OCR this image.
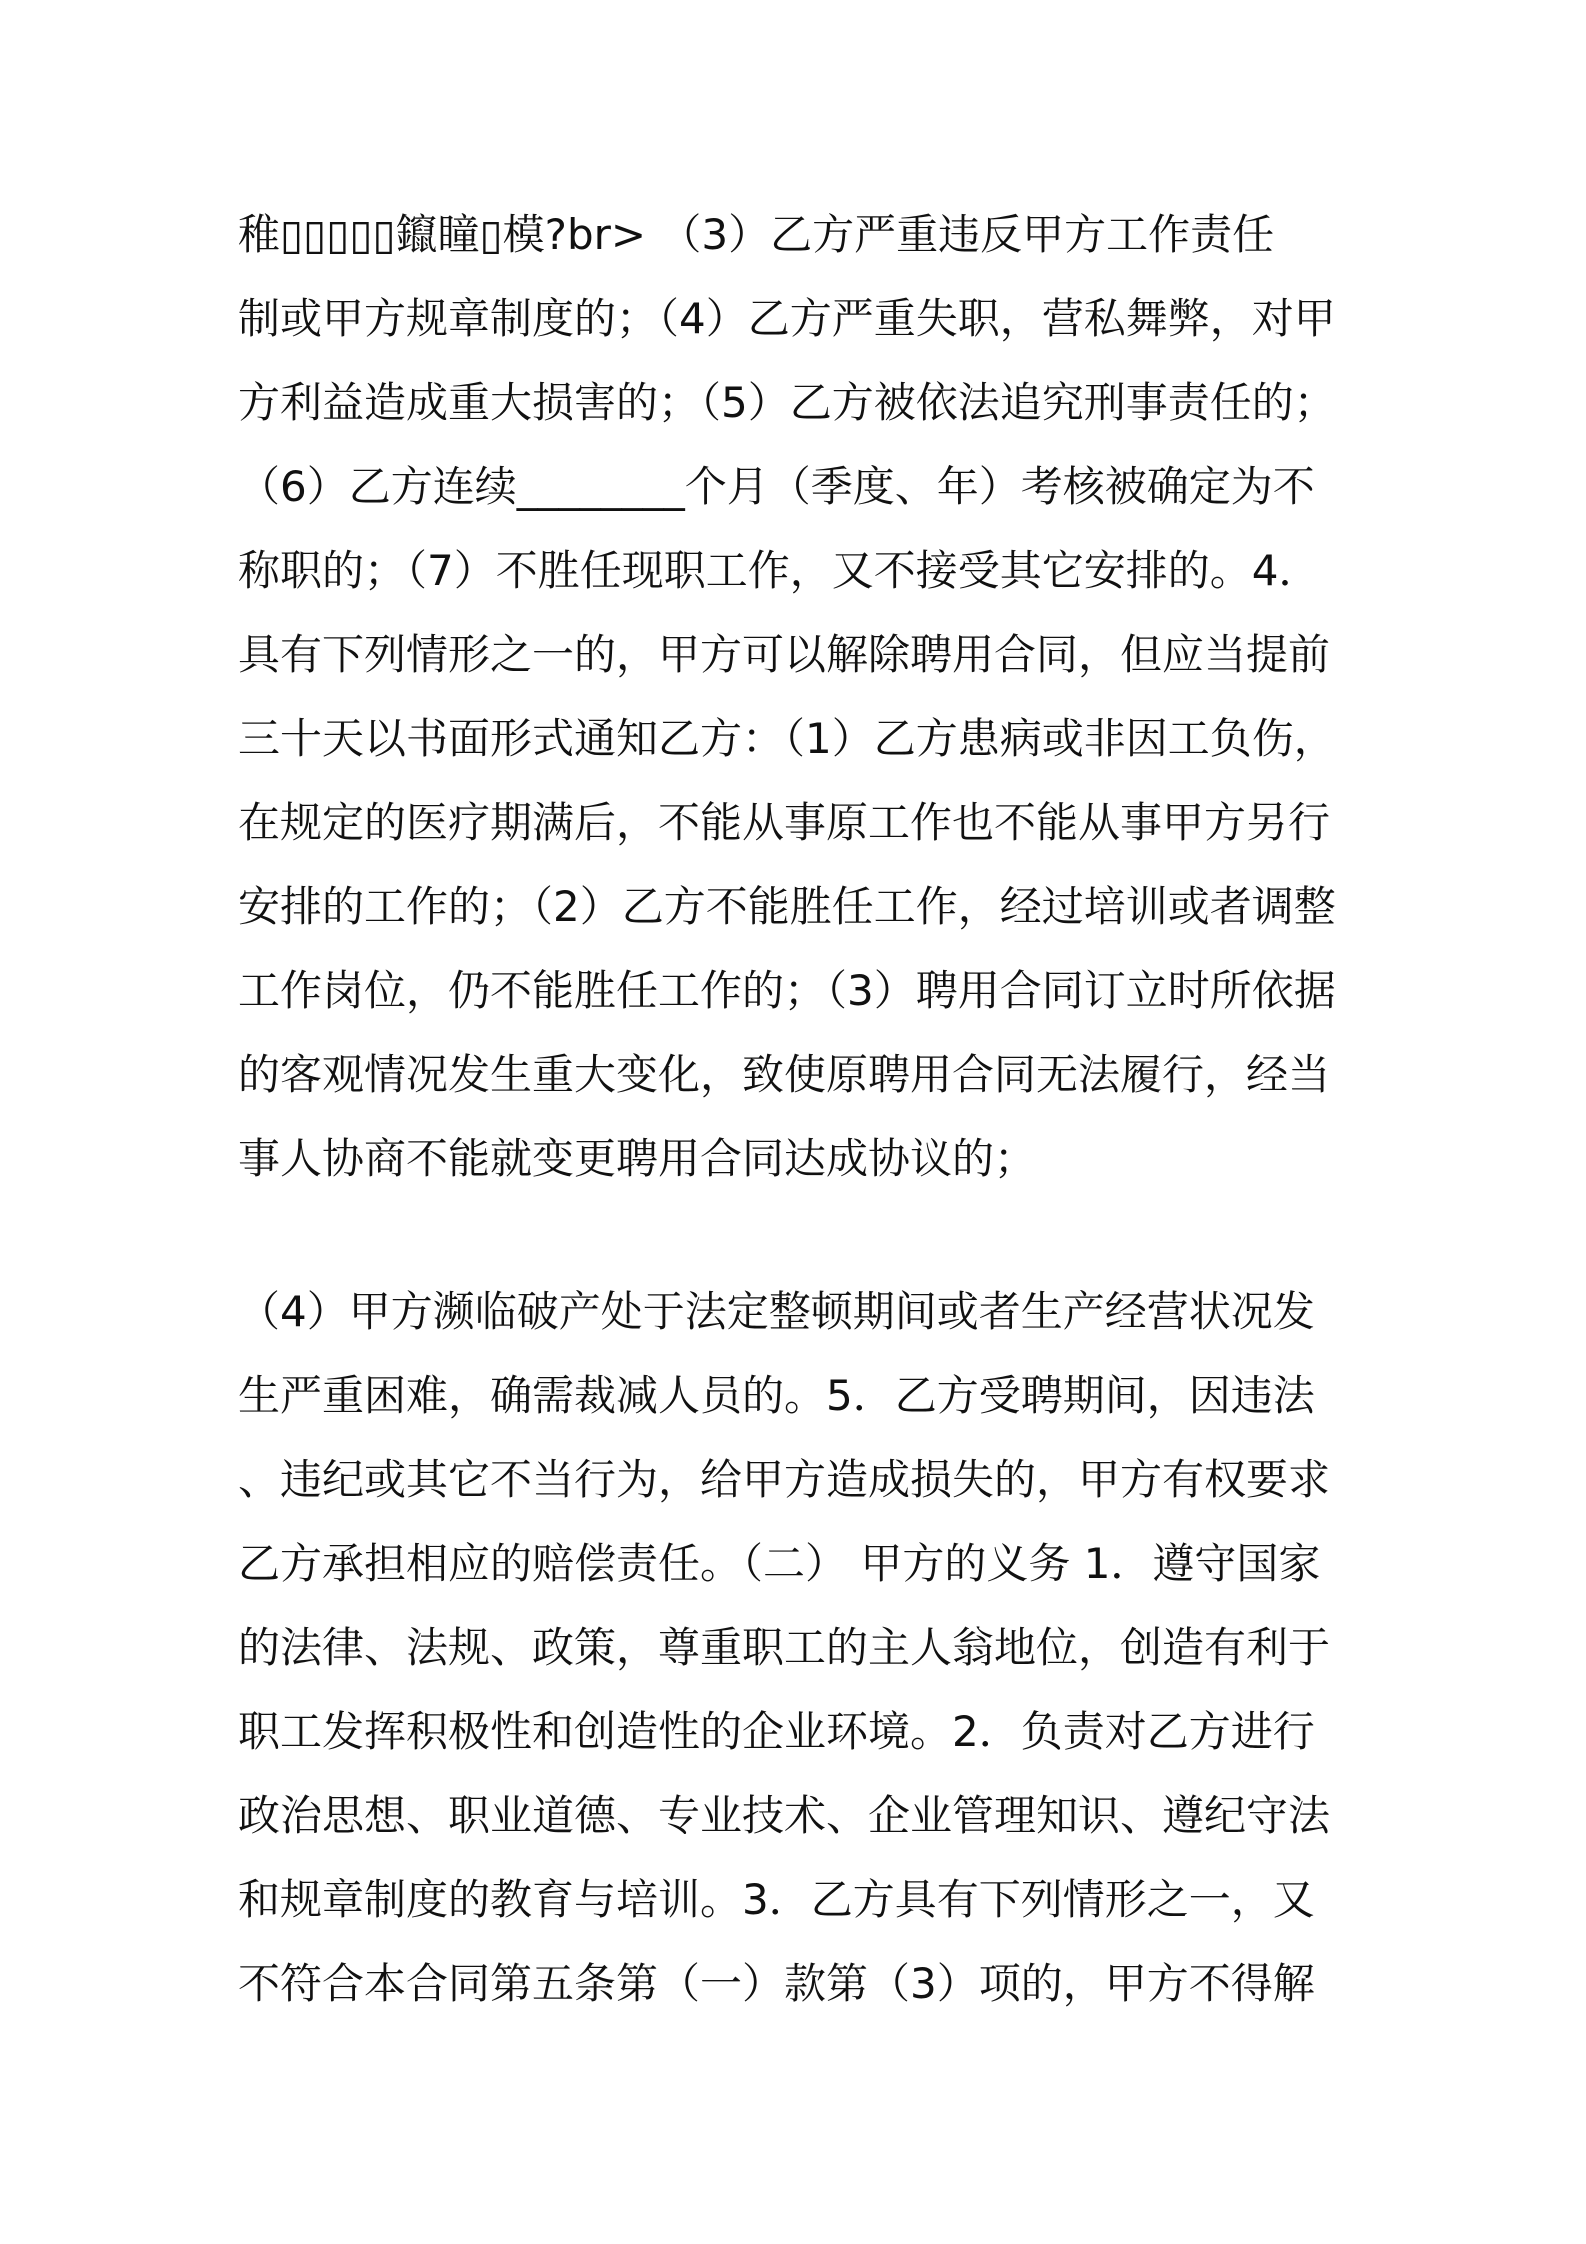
稚▯▯▯▯▯鑹瞳▯模?br> （3）乙方严重违反甲方工作责任
制或甲方规章制度的；（4）乙方严重失职，营私舞弊，对甲
方利益造成重大损害的；（5）乙方被依法追究刑事责任的；
（6）乙方连续________个月（季度、年）考核被确定为不
称职的；（7）不胜任现职工作，又不接受其它安排的。4．
具有下列情形之一的，甲方可以解除聘用合同，但应当提前
三十天以书面形式通知乙方：（1）乙方患病或非因工负伤，
在规定的医疗期满后，不能从事原工作也不能从事甲方另行
安排的工作的；（2）乙方不能胜任工作，经过培训或者调整
工作岗位，仍不能胜任工作的；（3）聘用合同订立时所依据
的客观情况发生重大变化，致使原聘用合同无法履行，经当
事人协商不能就变更聘用合同达成协议的；
（4）甲方濒临破产处于法定整顿期间或者生产经营状况发
生严重困难，确需裁减人员的。5．乙方受聘期间，因违法
、违纪或其它不当行为，给甲方造成损失的，甲方有权要求
乙方承担相应的赔偿责任。（二） 甲方的义务 1．遵守国家
的法律、法规、政策，尊重职工的主人翁地位，创造有利于
职工发挥积极性和创造性的企业环境。2．负责对乙方进行
政治思想、职业道德、专业技术、企业管理知识、遵纪守法
和规章制度的教育与培训。3．乙方具有下列情形之一，又
不符合本合同第五条第（一）款第（3）项的，甲方不得解
